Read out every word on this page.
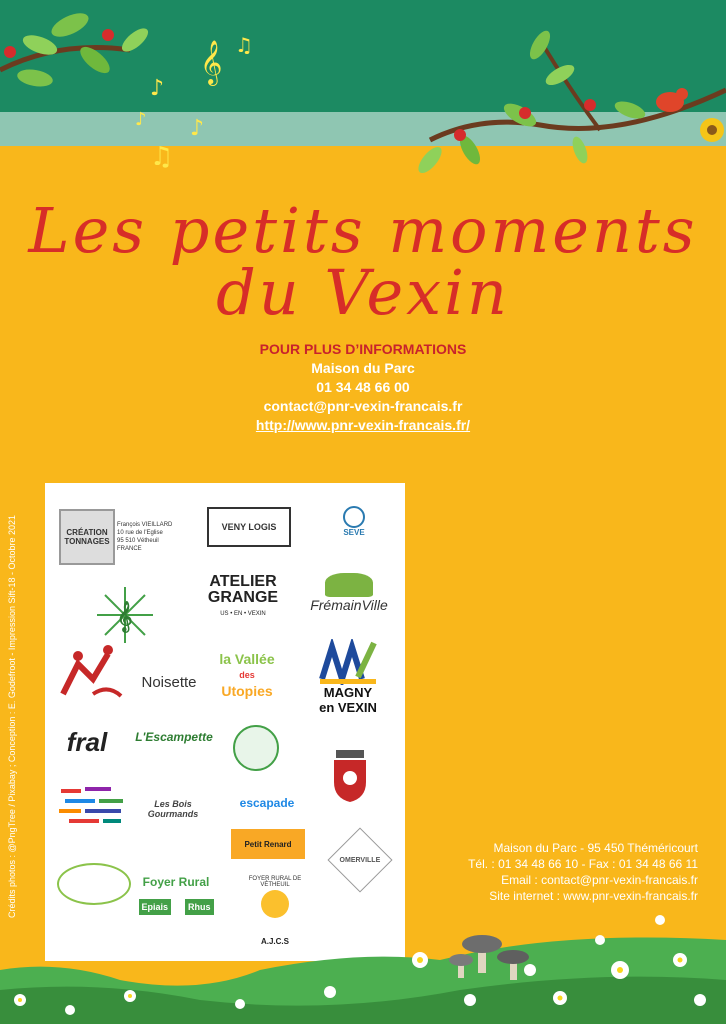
𝄞
♪
♫
♪
♫
♪
Les petits moments
du Vexin
POUR PLUS D’INFORMATIONS
Maison du Parc
01 34 48 66 00
contact@pnr-vexin-francais.fr
http://www.pnr-vexin-francais.fr/
Crédits photos : @PngTree / Pixabay ; Conception : E. Godefroot - Impression Sift-18 - Octobre 2021	CRÉATION TONNAGES
François VIEILLARD
10 rue de l'Eglise
95 510 Vétheuil
FRANCE
VENY LOGIS	SEVE
𝄞
ATELIER
GRANGE
US • EN • VEXIN
FrémainVille
Noisette
la Vallée
des
Utopies	MAGNY
en VEXIN
fral L'Escampette
Les Bois Gourmands
escapade
Petit Renard
OMERVILLE
Foyer Rural
Epiais	Rhus
FOYER RURAL DE VÉTHEUIL
A.J.C.S
Maison du Parc - 95 450 Théméricourt
Tél. : 01 34 48 66 10 - Fax : 01 34 48 66 11
Email : contact@pnr-vexin-francais.fr
Site internet : www.pnr-vexin-francais.fr
